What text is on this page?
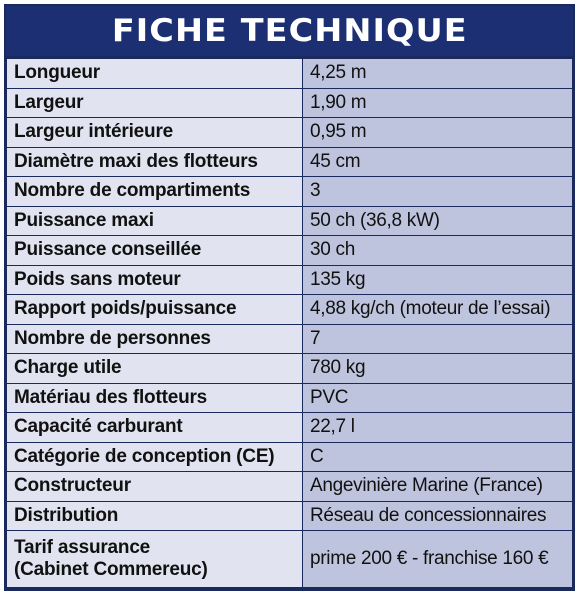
FICHE TECHNIQUE
Longueur	4,25 m
Largeur	1,90 m
Largeur intérieure	0,95 m
Diamètre maxi des flotteurs	45 cm
Nombre de compartiments	3
Puissance maxi	50 ch (36,8 kW)
Puissance conseillée	30 ch
Poids sans moteur	135 kg
Rapport poids/puissance	4,88 kg/ch (moteur de l’essai)
Nombre de personnes	7
Charge utile	780 kg
Matériau des flotteurs	PVC
Capacité carburant	22,7 l
Catégorie de conception (CE)	C
Constructeur	Angevinière Marine (France)
Distribution	Réseau de concessionnaires

Tarif assurance
(Cabinet Commereuc)	prime 200 € - franchise 160 €
